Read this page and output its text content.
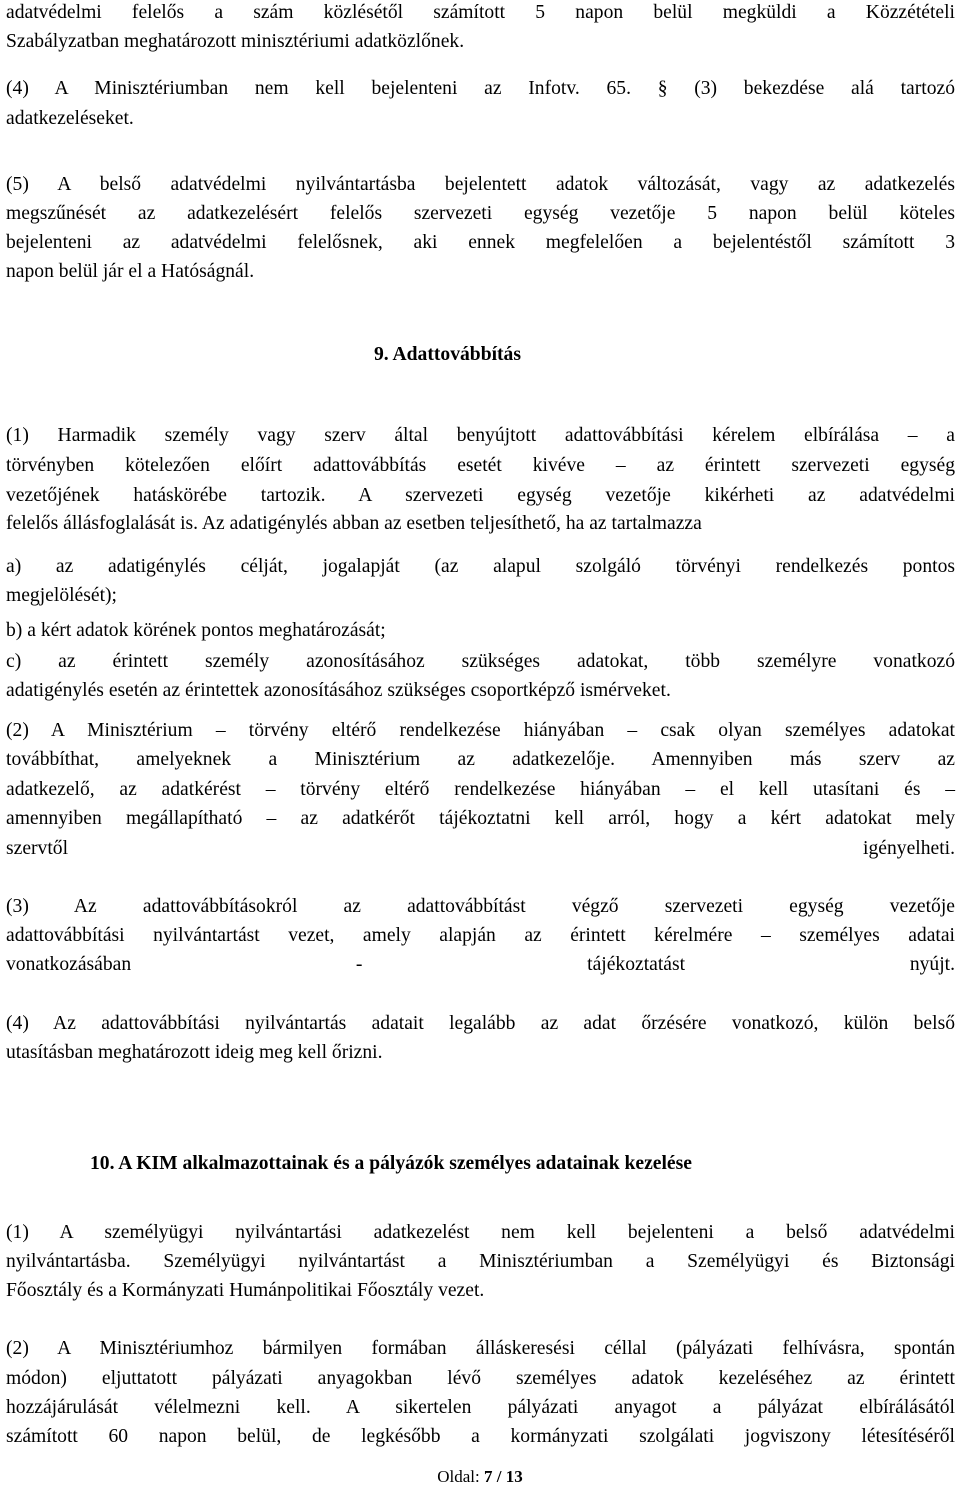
adatvédelmi felelős a szám közlésétől számított 5 napon belül megküldi a Közzétételi
Szabályzatban meghatározott minisztériumi adatközlőnek.
(4) A Minisztériumban nem kell bejelenteni az Infotv. 65. § (3) bekezdése alá tartozó
adatkezeléseket.
(5) A belső adatvédelmi nyilvántartásba bejelentett adatok változását, vagy az adatkezelés
megszűnését az adatkezelésért felelős szervezeti egység vezetője 5 napon belül köteles
bejelenteni az adatvédelmi felelősnek, aki ennek megfelelően a bejelentéstől számított 3
napon belül jár el a Hatóságnál.
9. Adattovábbítás
(1) Harmadik személy vagy szerv által benyújtott adattovábbítási kérelem elbírálása – a
törvényben kötelezően előírt adattovábbítás esetét kivéve – az érintett szervezeti egység
vezetőjének hatáskörébe tartozik. A szervezeti egység vezetője kikérheti az adatvédelmi
felelős állásfoglalását is. Az adatigénylés abban az esetben teljesíthető, ha az tartalmazza
a) az adatigénylés célját, jogalapját (az alapul szolgáló törvényi rendelkezés pontos
megjelölését);
b) a kért adatok körének pontos meghatározását;
c) az érintett személy azonosításához szükséges adatokat, több személyre vonatkozó
adatigénylés esetén az érintettek azonosításához szükséges csoportképző ismérveket.
(2) A Minisztérium – törvény eltérő rendelkezése hiányában – csak olyan személyes adatokat
továbbíthat, amelyeknek a Minisztérium az adatkezelője. Amennyiben más szerv az
adatkezelő, az adatkérést – törvény eltérő rendelkezése hiányában – el kell utasítani és –
amennyiben megállapítható – az adatkérőt tájékoztatni kell arról, hogy a kért adatokat mely
szervtől igényelheti.
(3) Az adattovábbításokról az adattovábbítást végző szervezeti egység vezetője
adattovábbítási nyilvántartást vezet, amely alapján az érintett kérelmére – személyes adatai
vonatkozásában - tájékoztatást nyújt.
(4) Az adattovábbítási nyilvántartás adatait legalább az adat őrzésére vonatkozó, külön belső
utasításban meghatározott ideig meg kell őrizni.
10. A KIM alkalmazottainak és a pályázók személyes adatainak kezelése
(1) A személyügyi nyilvántartási adatkezelést nem kell bejelenteni a belső adatvédelmi
nyilvántartásba. Személyügyi nyilvántartást a Minisztériumban a Személyügyi és Biztonsági
Főosztály és a Kormányzati Humánpolitikai Főosztály vezet.
(2) A Minisztériumhoz bármilyen formában álláskeresési céllal (pályázati felhívásra, spontán
módon) eljuttatott pályázati anyagokban lévő személyes adatok kezeléséhez az érintett
hozzájárulását vélelmezni kell. A sikertelen pályázati anyagot a pályázat elbírálásától
számított 60 napon belül, de legkésőbb a kormányzati szolgálati jogviszony létesítéséről
Oldal: 7 / 13
